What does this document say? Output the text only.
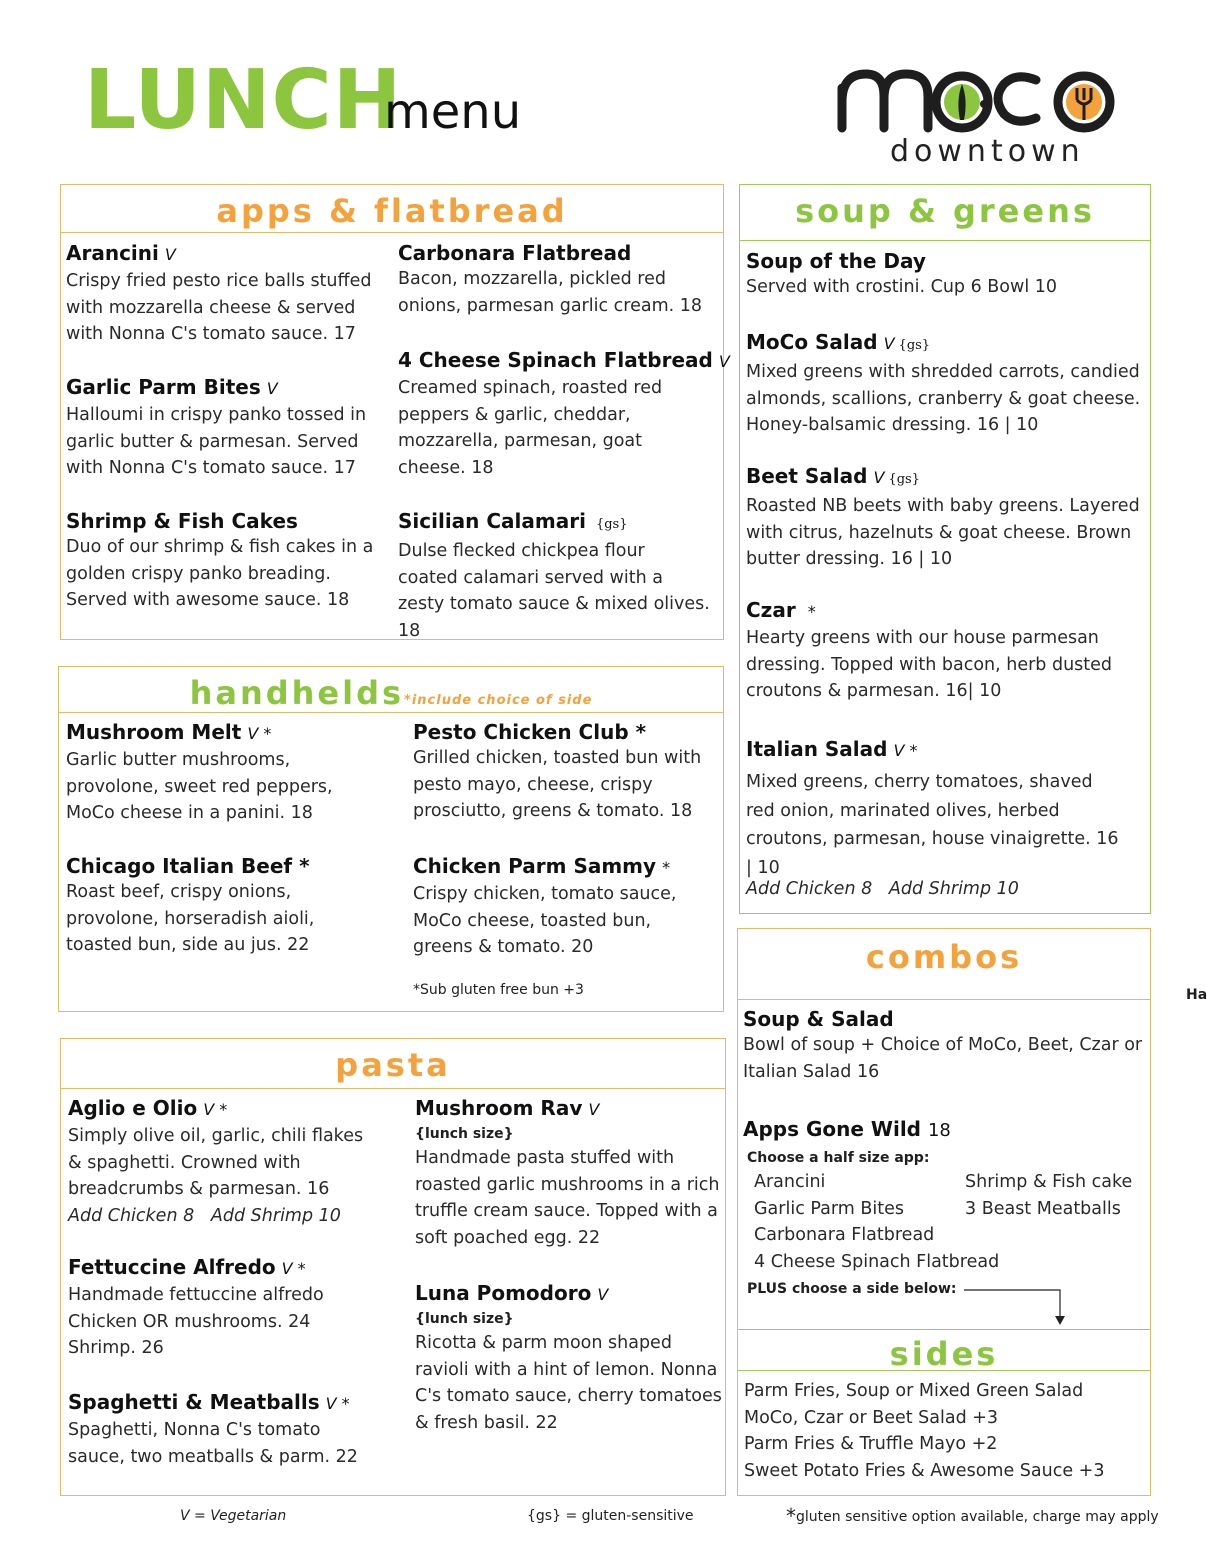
LUNCH
menu
downtown
apps & flatbread
Arancini V
Crispy fried pesto rice balls stuffed with mozzarella cheese & served with Nonna C's tomato sauce. 17
Garlic Parm Bites V
Halloumi in crispy panko tossed in garlic butter & parmesan. Served with Nonna C's tomato sauce. 17
Shrimp & Fish Cakes
Duo of our shrimp & fish cakes in a golden crispy panko breading. Served with awesome sauce. 18
Carbonara Flatbread
Bacon, mozzarella, pickled red onions, parmesan garlic cream. 18
4 Cheese Spinach Flatbread V
Creamed spinach, roasted red peppers & garlic, cheddar, mozzarella, parmesan, goat cheese. 18
Sicilian Calamari {gs}
Dulse flecked chickpea flour coated calamari served with a zesty tomato sauce & mixed olives. 18
handhelds*include choice of side
Mushroom Melt V *
Garlic butter mushrooms, provolone, sweet red peppers, MoCo cheese in a panini. 18
Chicago Italian Beef *
Roast beef, crispy onions, provolone, horseradish aioli, toasted bun, side au jus. 22
Pesto Chicken Club *
Grilled chicken, toasted bun with pesto mayo, cheese, crispy prosciutto, greens & tomato. 18
Chicken Parm Sammy *
Crispy chicken, tomato sauce, MoCo cheese, toasted bun, greens & tomato. 20
*Sub gluten free bun +3
pasta
Aglio e Olio V *
Simply olive oil, garlic, chili flakes & spaghetti. Crowned with breadcrumbs & parmesan. 16
Add Chicken 8   Add Shrimp 10
Fettuccine Alfredo V *
Handmade fettuccine alfredo
Chicken OR mushrooms. 24
Shrimp. 26
Spaghetti & Meatballs V *
Spaghetti, Nonna C's tomato sauce, two meatballs & parm. 22
Mushroom Rav V
{lunch size}
Handmade pasta stuffed with roasted garlic mushrooms in a rich truffle cream sauce. Topped with a soft poached egg. 22
Luna Pomodoro V
{lunch size}
Ricotta & parm moon shaped ravioli with a hint of lemon. Nonna C's tomato sauce, cherry tomatoes & fresh basil. 22
soup & greens
Soup of the Day
Served with crostini. Cup 6 Bowl 10
MoCo Salad V {gs}
Mixed greens with shredded carrots, candied almonds, scallions, cranberry & goat cheese. Honey-balsamic dressing. 16 | 10
Beet Salad V {gs}
Roasted NB beets with baby greens. Layered with citrus, hazelnuts & goat cheese. Brown butter dressing. 16 | 10
Czar *
Hearty greens with our house parmesan dressing. Topped with bacon, herb dusted croutons & parmesan. 16| 10
Italian Salad V *
Mixed greens, cherry tomatoes, shaved red onion, marinated olives, herbed croutons, parmesan, house vinaigrette. 16 | 10
Add Chicken 8   Add Shrimp 10
combos
Ha
Soup & Salad
Bowl of soup + Choice of MoCo, Beet, Czar or Italian Salad 16
Apps Gone Wild 18
Choose a half size app:
Arancini
Garlic Parm Bites
Carbonara Flatbread
4 Cheese Spinach Flatbread
Shrimp & Fish cake
3 Beast Meatballs
PLUS choose a side below:
sides
Parm Fries, Soup or Mixed Green Salad
MoCo, Czar or Beet Salad +3
Parm Fries & Truffle Mayo +2
Sweet Potato Fries & Awesome Sauce +3
V = Vegetarian	{gs} = gluten-sensitive	*gluten sensitive option available, charge may apply
